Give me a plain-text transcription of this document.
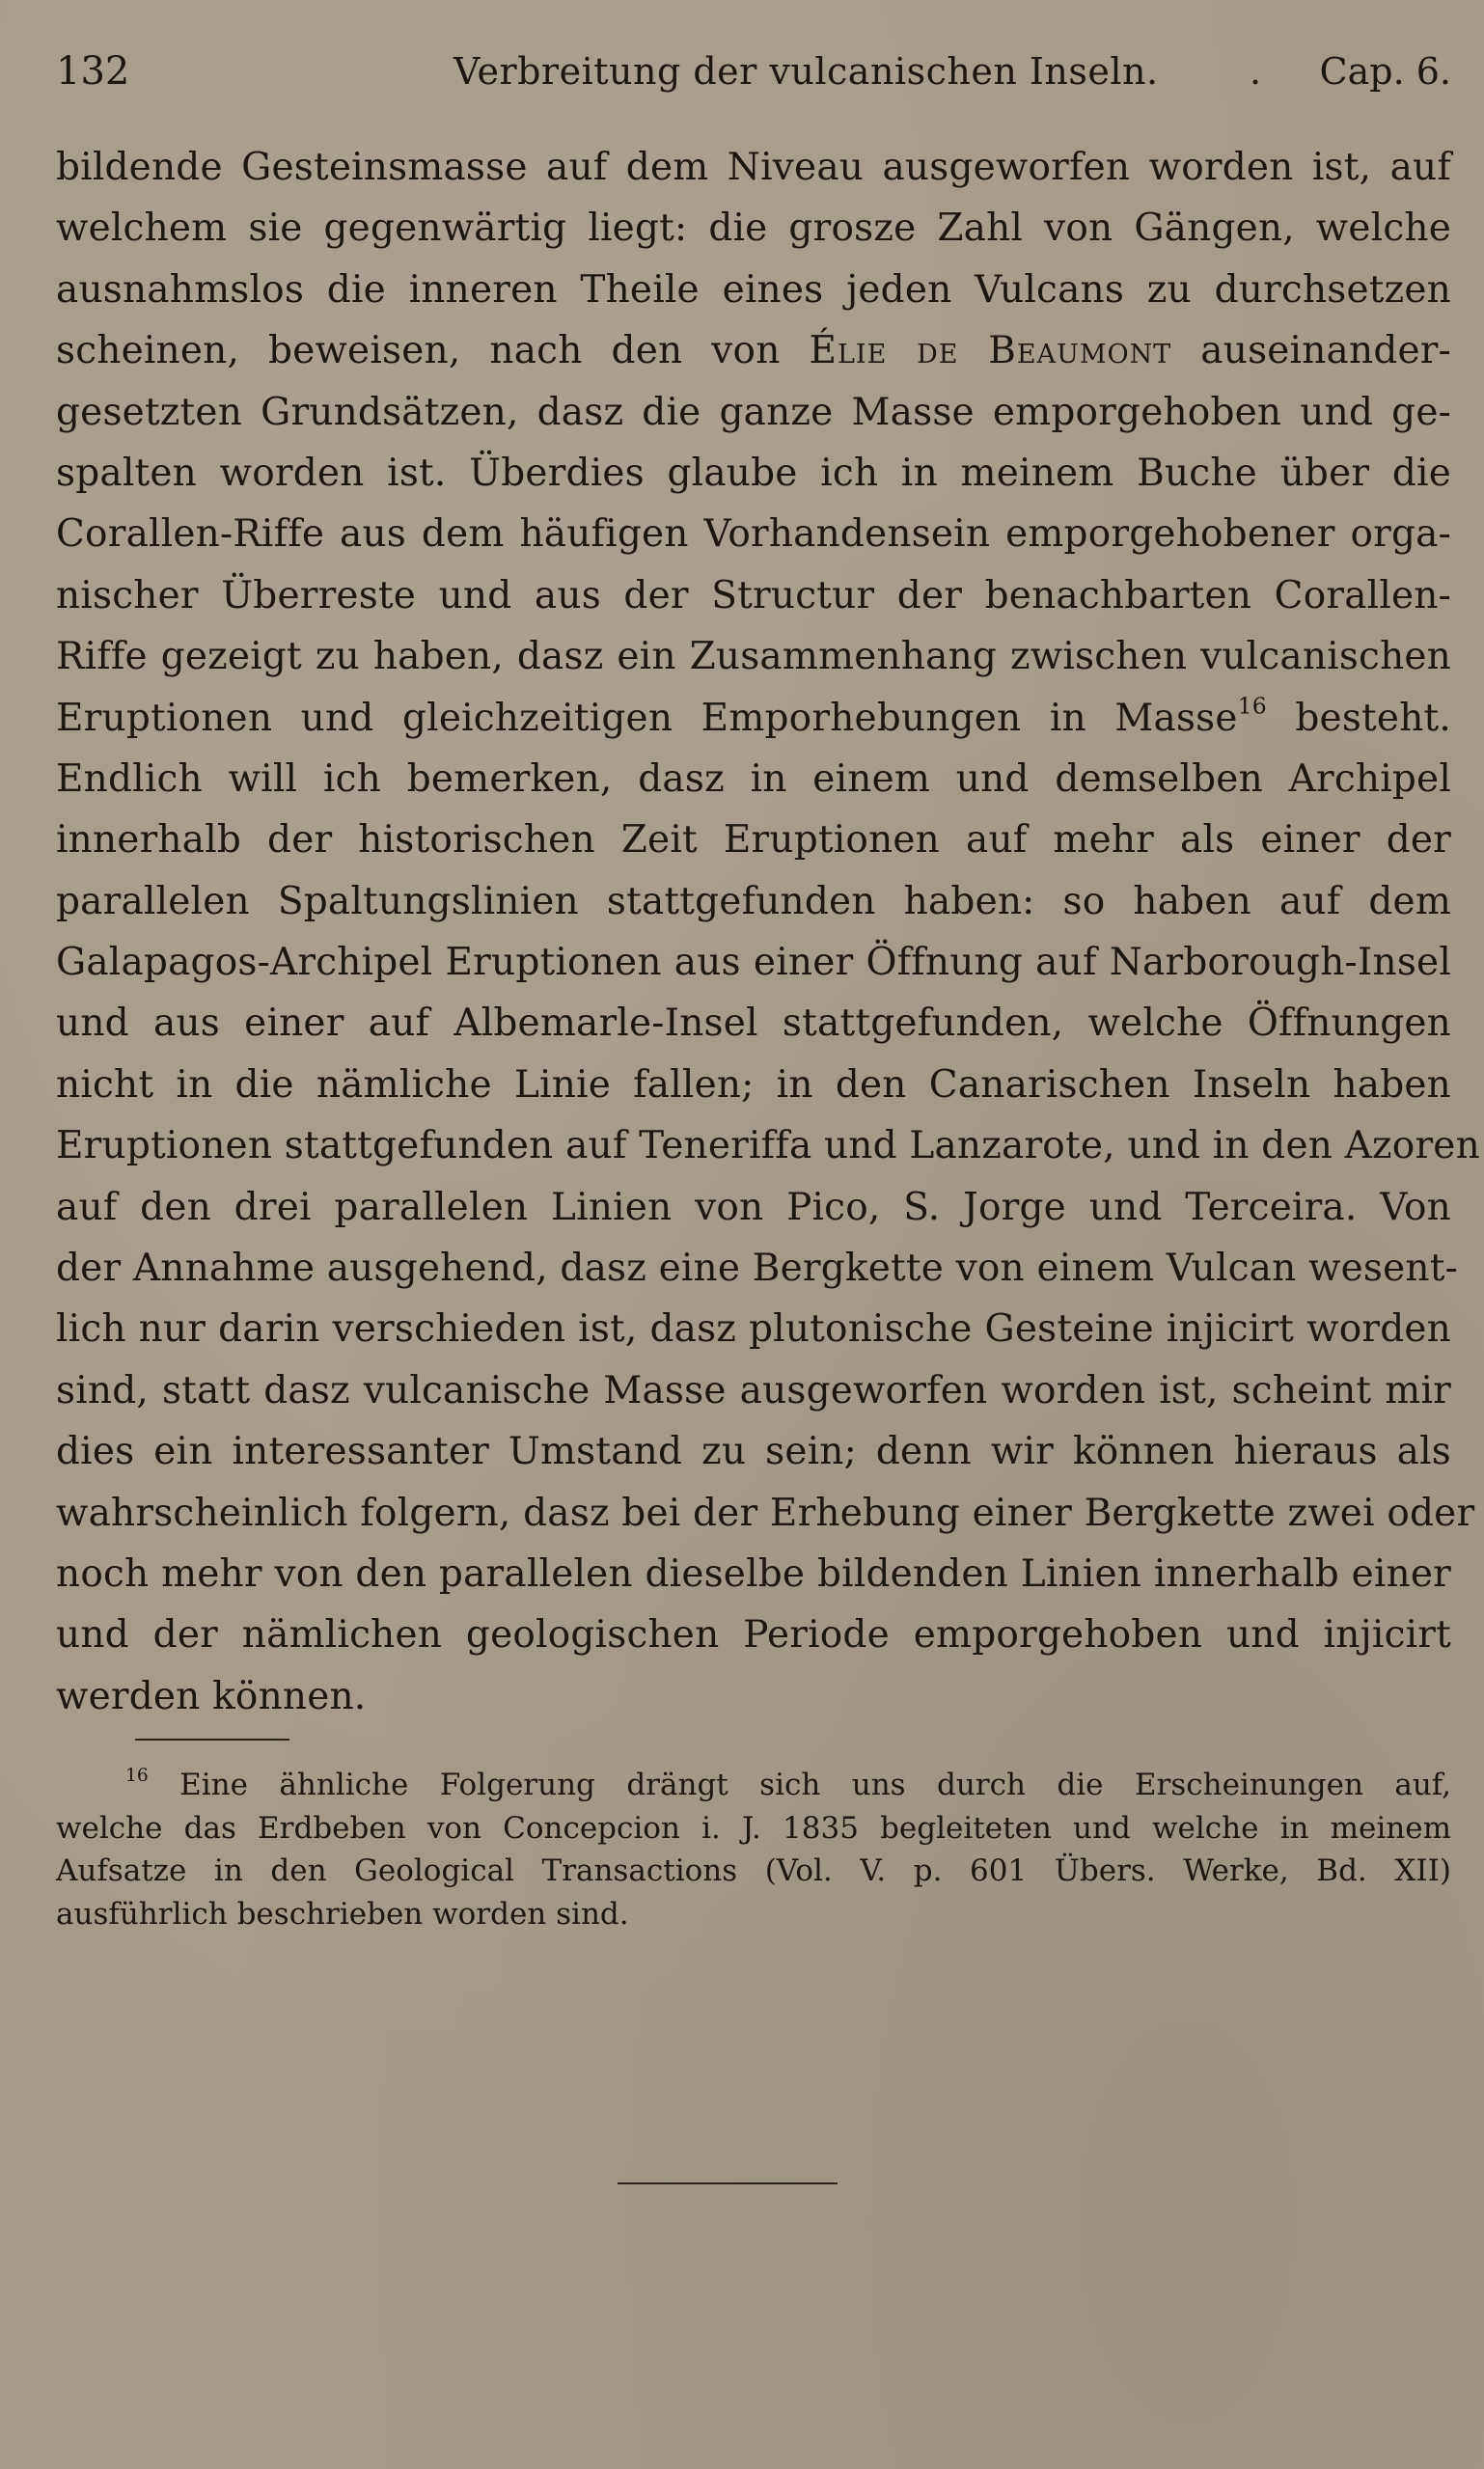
132	Verbreitung der vulcanischen Inseln. . Cap. 6.
bildende Gesteinsmasse auf dem Niveau ausgeworfen worden ist, auf
welchem sie gegenwärtig liegt: die grosze Zahl von Gängen, welche
ausnahmslos die inneren Theile eines jeden Vulcans zu durchsetzen
scheinen, beweisen, nach den von Élie de Beaumont auseinander-
gesetzten Grundsätzen, dasz die ganze Masse emporgehoben und ge-
spalten worden ist. Überdies glaube ich in meinem Buche über die
Corallen-Riffe aus dem häufigen Vorhandensein emporgehobener orga-
nischer Überreste und aus der Structur der benachbarten Corallen-
Riffe gezeigt zu haben, dasz ein Zusammenhang zwischen vulcanischen
Eruptionen und gleichzeitigen Emporhebungen in Masse$^{16}$ besteht.
Endlich will ich bemerken, dasz in einem und demselben Archipel
innerhalb der historischen Zeit Eruptionen auf mehr als einer der
parallelen Spaltungslinien stattgefunden haben: so haben auf dem
Galapagos-Archipel Eruptionen aus einer Öffnung auf Narborough-Insel
und aus einer auf Albemarle-Insel stattgefunden, welche Öffnungen
nicht in die nämliche Linie fallen; in den Canarischen Inseln haben
Eruptionen stattgefunden auf Teneriffa und Lanzarote, und in den Azoren
auf den drei parallelen Linien von Pico, S. Jorge und Terceira. Von
der Annahme ausgehend, dasz eine Bergkette von einem Vulcan wesent-
lich nur darin verschieden ist, dasz plutonische Gesteine injicirt worden
sind, statt dasz vulcanische Masse ausgeworfen worden ist, scheint mir
dies ein interessanter Umstand zu sein; denn wir können hieraus als
wahrscheinlich folgern, dasz bei der Erhebung einer Bergkette zwei oder
noch mehr von den parallelen dieselbe bildenden Linien innerhalb einer
und der nämlichen geologischen Periode emporgehoben und injicirt
werden können.
$^{16}$ Eine ähnliche Folgerung drängt sich uns durch die Erscheinungen auf,
welche das Erdbeben von Concepcion i. J. 1835 begleiteten und welche in meinem
Aufsatze in den Geological Transactions (Vol. V. p. 601 Übers. Werke, Bd. XII)
ausführlich beschrieben worden sind.
